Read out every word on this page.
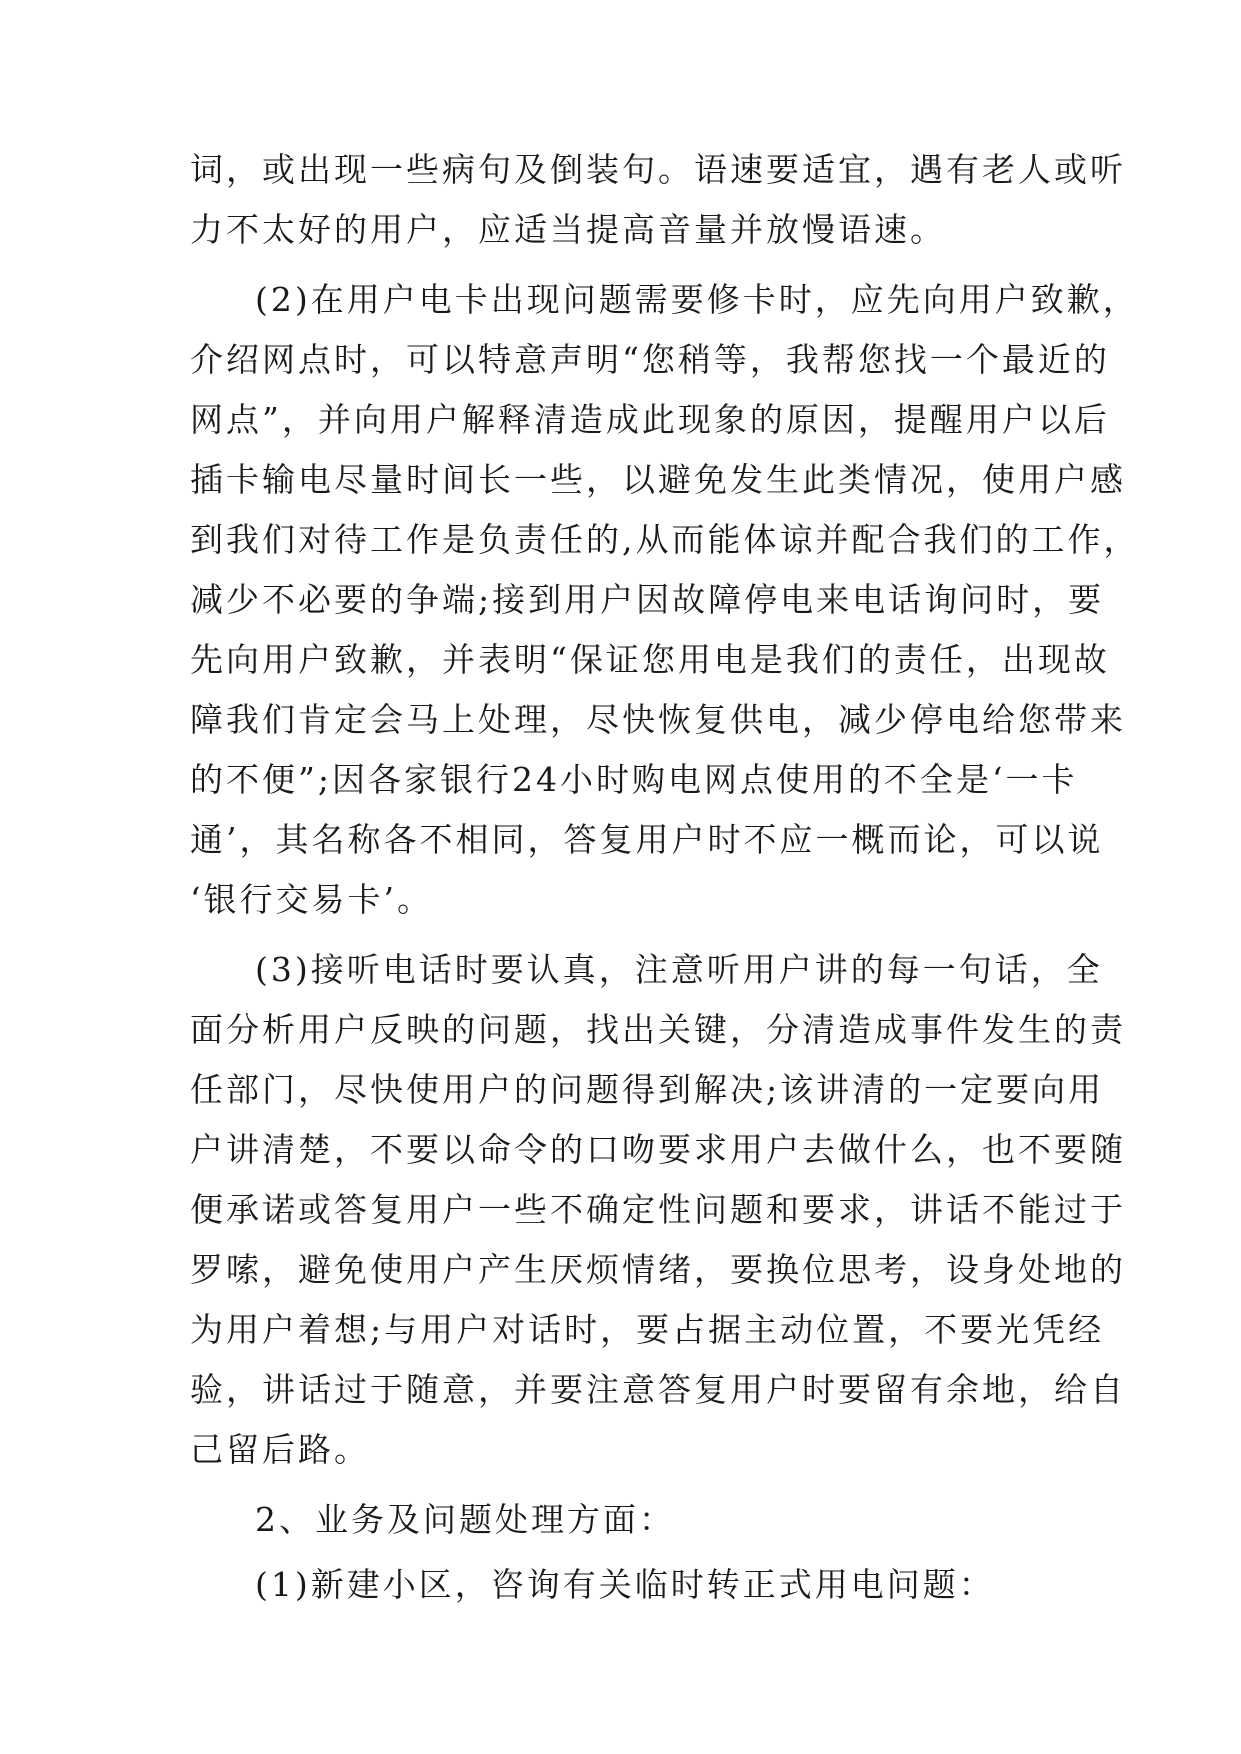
词，或出现一些病句及倒装句。语速要适宜，遇有老人或听
力不太好的用户，应适当提高音量并放慢语速。
(2)在用户电卡出现问题需要修卡时，应先向用户致歉，
介绍网点时，可以特意声明“您稍等，我帮您找一个最近的
网点”，并向用户解释清造成此现象的原因，提醒用户以后
插卡输电尽量时间长一些，以避免发生此类情况，使用户感
到我们对待工作是负责任的,从而能体谅并配合我们的工作，
减少不必要的争端;接到用户因故障停电来电话询问时，要
先向用户致歉，并表明“保证您用电是我们的责任，出现故
障我们肯定会马上处理，尽快恢复供电，减少停电给您带来
的不便”;因各家银行24小时购电网点使用的不全是‘一卡
通’，其名称各不相同，答复用户时不应一概而论，可以说
‘银行交易卡’。
(3)接听电话时要认真，注意听用户讲的每一句话，全
面分析用户反映的问题，找出关键，分清造成事件发生的责
任部门，尽快使用户的问题得到解决;该讲清的一定要向用
户讲清楚，不要以命令的口吻要求用户去做什么，也不要随
便承诺或答复用户一些不确定性问题和要求，讲话不能过于
罗嗦，避免使用户产生厌烦情绪，要换位思考，设身处地的
为用户着想;与用户对话时，要占据主动位置，不要光凭经
验，讲话过于随意，并要注意答复用户时要留有余地，给自
己留后路。
2、业务及问题处理方面：
(1)新建小区，咨询有关临时转正式用电问题：
